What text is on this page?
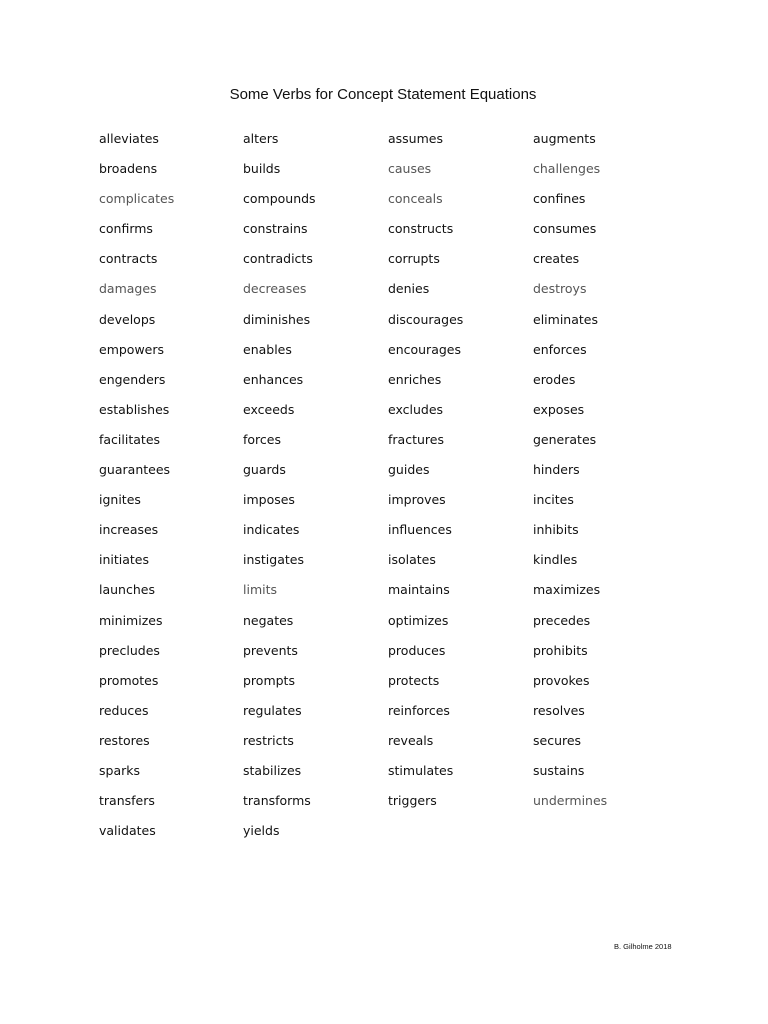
Some Verbs for Concept Statement Equations
alleviates	alters	assumes	augments
broadens	builds	causes	challenges
complicates	compounds	conceals	confines
confirms	constrains	constructs	consumes
contracts	contradicts	corrupts	creates
damages	decreases	denies	destroys
develops	diminishes	discourages	eliminates
empowers	enables	encourages	enforces
engenders	enhances	enriches	erodes
establishes	exceeds	excludes	exposes
facilitates	forces	fractures	generates
guarantees	guards	guides	hinders
ignites	imposes	improves	incites
increases	indicates	influences	inhibits
initiates	instigates	isolates	kindles
launches	limits	maintains	maximizes
minimizes	negates	optimizes	precedes
precludes	prevents	produces	prohibits
promotes	prompts	protects	provokes
reduces	regulates	reinforces	resolves
restores	restricts	reveals	secures
sparks	stabilizes	stimulates	sustains
transfers	transforms	triggers	undermines
validates	yields
B. Gilholme 2018
